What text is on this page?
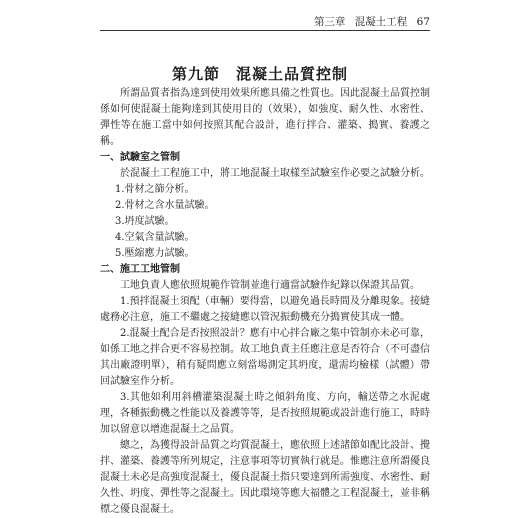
第三章 混凝土工程 67
第九節　混凝土品質控制

所謂品質者指為達到使用效果所應具備之性質也。因此混凝土品質控制係如何使混凝土能夠達到其使用目的（效果），如強度、耐久性、水密性、彈性等在施工當中如何按照其配合設計，進行拌合、灌築、搗實、養護之稱。

一、試驗室之管制

於混凝土工程施工中，將工地混凝土取樣至試驗室作必要之試驗分析。

1.骨材之篩分析。

2.骨材之含水量試驗。

3.坍度試驗。

4.空氣含量試驗。

5.壓縮應力試驗。

二、施工工地管制

工地負責人應依照規範作管制並進行適當試驗作紀錄以保證其品質。

1.預拌混凝土須配（車輛）要得當，以避免過長時間及分離現象。接縫處務必注意，施工不繼處之接縫應以管況振動機充分搗實使其成一體。

2.混凝土配合是否按照設計？應有中心拌合廠之集中管制亦未必可靠，如係工地之拌合更不容易控制。故工地負責主任應注意是否符合（不可盡信其出廠證明單），稍有疑問應立刻當場測定其坍度，還需均檢樣（試體）帶回試驗室作分析。

3.其他如利用斜槽灌築混凝土時之傾斜角度、方向，輸送帶之水泥處理，各種振動機之性能以及養護等等，是否按照規範或設計進行施工，時時加以留意以增進混凝土之品質。

總之，為獲得設計品質之均質混凝土，應依照上述諸節如配比設計、攪拌、灌築、養護等所列規定，注意事項等切實執行就是。惟應注意所謂優良混凝土未必是高強度混凝土，優良混凝土指只要達到所需強度、水密性、耐久性、坍度、彈性等之混凝土。因此環境等應大福體之工程混凝土，並非稱標之優良混凝土。
